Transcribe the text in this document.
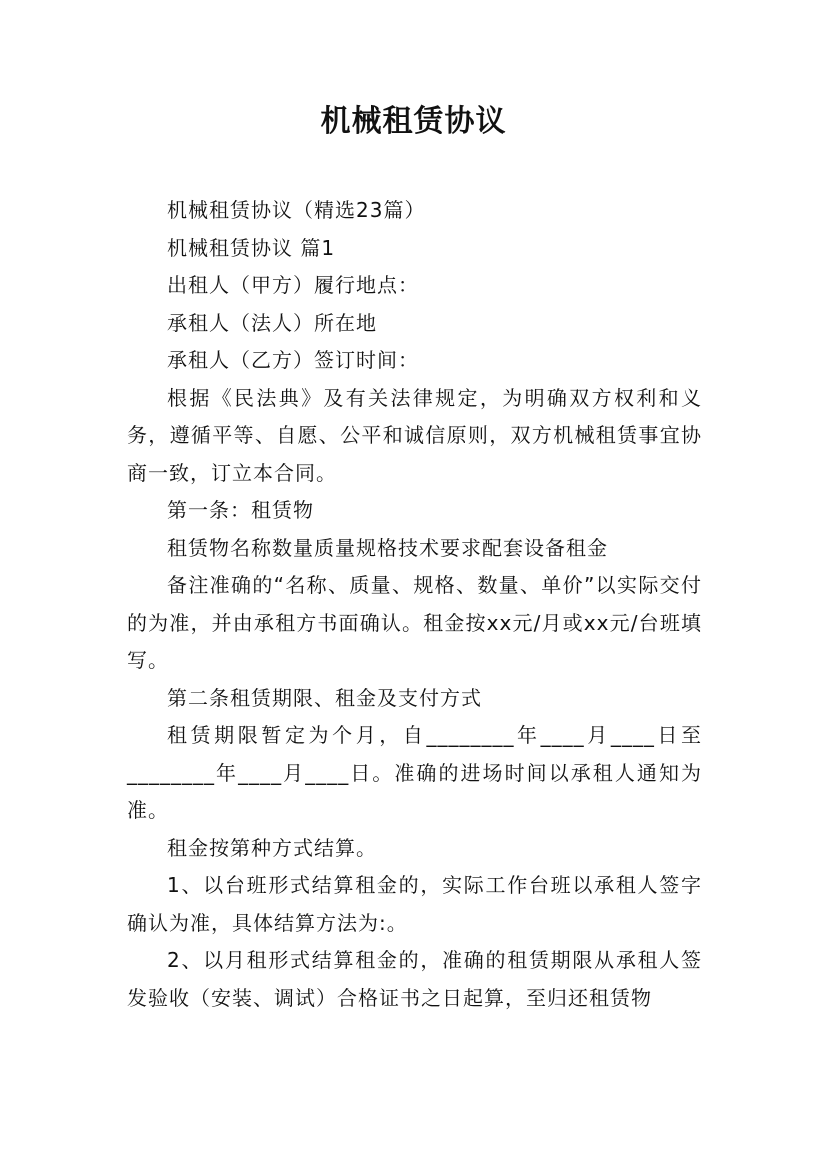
机械租赁协议

机械租赁协议（精选23篇）

机械租赁协议 篇1

出租人（甲方）履行地点：

承租人（法人）所在地

承租人（乙方）签订时间：

根据《民法典》及有关法律规定，为明确双方权利和义务，遵循平等、自愿、公平和诚信原则，双方机械租赁事宜协商一致，订立本合同。

第一条：租赁物

租赁物名称数量质量规格技术要求配套设备租金

备注准确的“名称、质量、规格、数量、单价”以实际交付的为准，并由承租方书面确认。租金按xx元/月或xx元/台班填写。

第二条租赁期限、租金及支付方式

租赁期限暂定为个月，自________年____月____日至________年____月____日。准确的进场时间以承租人通知为准。

租金按第种方式结算。

1、以台班形式结算租金的，实际工作台班以承租人签字确认为准，具体结算方法为:。

2、以月租形式结算租金的，准确的租赁期限从承租人签发验收（安装、调试）合格证书之日起算，至归还租赁物
